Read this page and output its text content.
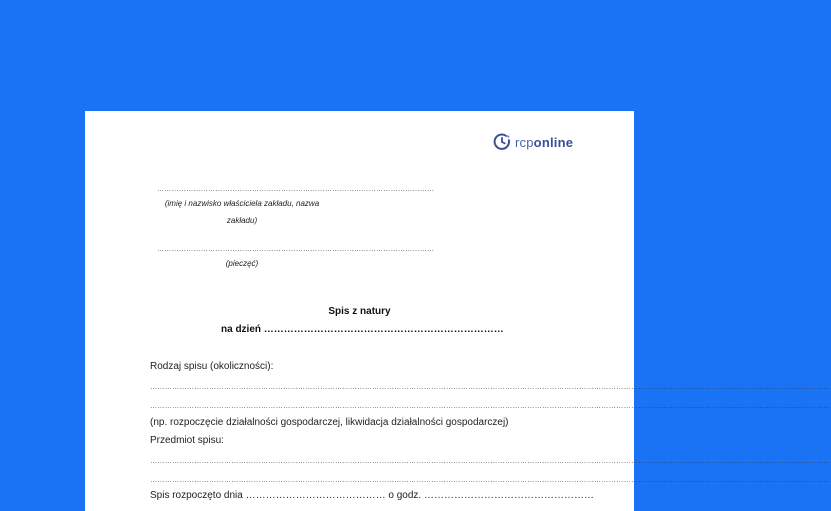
rcponline
……………………………………………………………………………………………………
(imię i nazwisko właściciela zakładu, nazwa zakładu)
……………………………………………………………………………………………………
(pieczęć)
Spis z natury
na dzień ………………………………………………………………
Rodzaj spisu (okoliczności):
……………………………………………………………………………………………………………………………………………………………………………………………………………………………………………………
……………………………………………………………………………………………………………………………………………………………………………………………………………………………………………………
(np. rozpoczęcie działalności gospodarczej, likwidacja działalności gospodarczej)
Przedmiot spisu:
……………………………………………………………………………………………………………………………………………………………………………………………………………………………………………………
……………………………………………………………………………………………………………………………………………………………………………………………………………………………………………………
Spis rozpoczęto dnia …………………………………… o godz. ……………………………………………
